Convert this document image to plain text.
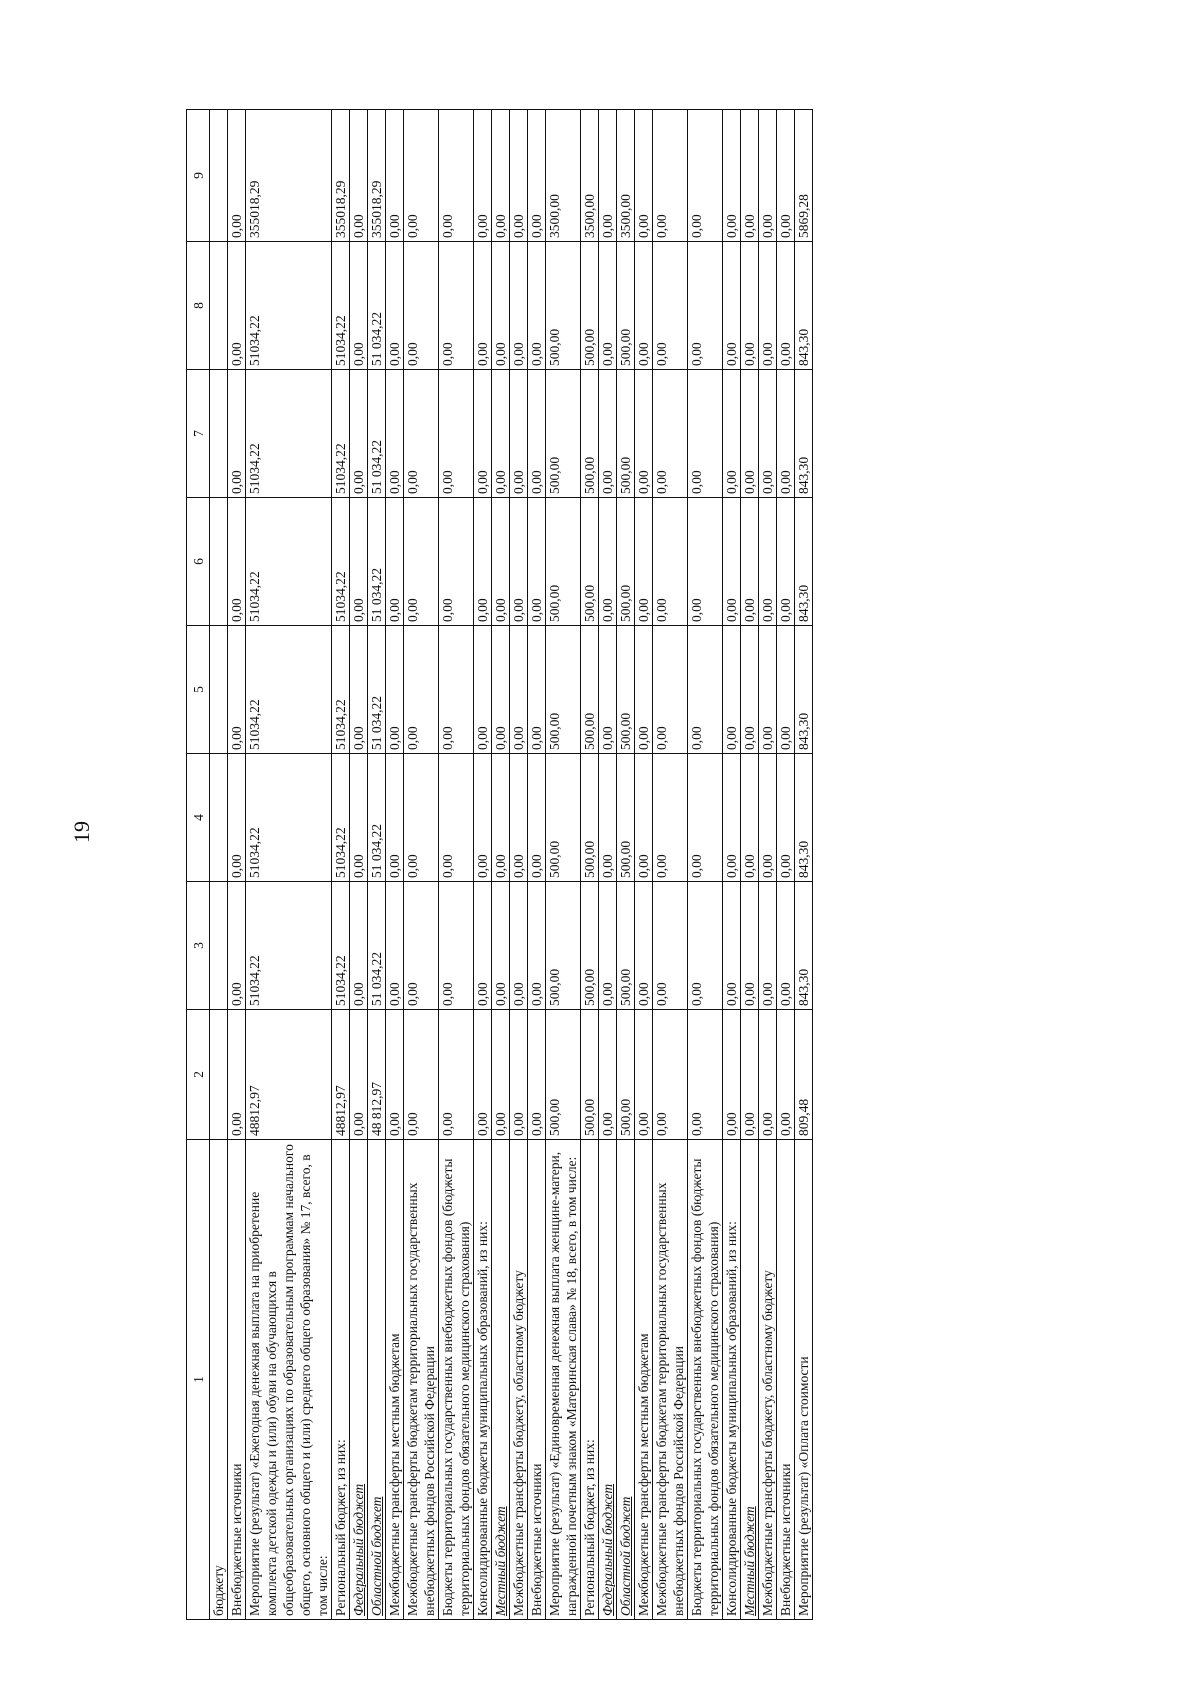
19
1	2	3	4	5	6	7	8	9
бюджету								
Внебюджетные источники	0,00	0,00	0,00	0,00	0,00	0,00	0,00	0,00
Мероприятие (результат) «Ежегодная денежная выплата на приобретение комплекта детской одежды и (или) обуви на обучающихся в общеобразовательных организациях по образовательным программам начального общего, основного общего и (или) среднего общего образования» № 17, всего, в том числе:	48812,97	51034,22	51034,22	51034,22	51034,22	51034,22	51034,22	355018,29
Региональный бюджет, из них:	48812,97	51034,22	51034,22	51034,22	51034,22	51034,22	51034,22	355018,29
Федеральный бюджет	0,00	0,00	0,00	0,00	0,00	0,00	0,00	0,00
Областной бюджет	48 812,97	51 034,22	51 034,22	51 034,22	51 034,22	51 034,22	51 034,22	355018,29
Межбюджетные трансферты местным бюджетам	0,00	0,00	0,00	0,00	0,00	0,00	0,00	0,00
Межбюджетные трансферты бюджетам территориальных государственных внебюджетных фондов Российской Федерации	0,00	0,00	0,00	0,00	0,00	0,00	0,00	0,00
Бюджеты территориальных государственных внебюджетных фондов (бюджеты территориальных фондов обязательного медицинского страхования)	0,00	0,00	0,00	0,00	0,00	0,00	0,00	0,00
Консолидированные бюджеты муниципальных образований, из них:	0,00	0,00	0,00	0,00	0,00	0,00	0,00	0,00
Местный бюджет	0,00	0,00	0,00	0,00	0,00	0,00	0,00	0,00
Межбюджетные трансферты бюджету, областному бюджету	0,00	0,00	0,00	0,00	0,00	0,00	0,00	0,00
Внебюджетные источники	0,00	0,00	0,00	0,00	0,00	0,00	0,00	0,00
Мероприятие (результат) «Единовременная денежная выплата женщине-матери, награжденной почетным знаком «Материнская слава» № 18, всего, в том числе:	500,00	500,00	500,00	500,00	500,00	500,00	500,00	3500,00
Региональный бюджет, из них:	500,00	500,00	500,00	500,00	500,00	500,00	500,00	3500,00
Федеральный бюджет	0,00	0,00	0,00	0,00	0,00	0,00	0,00	0,00
Областной бюджет	500,00	500,00	500,00	500,00	500,00	500,00	500,00	3500,00
Межбюджетные трансферты местным бюджетам	0,00	0,00	0,00	0,00	0,00	0,00	0,00	0,00
Межбюджетные трансферты бюджетам территориальных государственных внебюджетных фондов Российской Федерации	0,00	0,00	0,00	0,00	0,00	0,00	0,00	0,00
Бюджеты территориальных государственных внебюджетных фондов (бюджеты территориальных фондов обязательного медицинского страхования)	0,00	0,00	0,00	0,00	0,00	0,00	0,00	0,00
Консолидированные бюджеты муниципальных образований, из них:	0,00	0,00	0,00	0,00	0,00	0,00	0,00	0,00
Местный бюджет	0,00	0,00	0,00	0,00	0,00	0,00	0,00	0,00
Межбюджетные трансферты бюджету, областному бюджету	0,00	0,00	0,00	0,00	0,00	0,00	0,00	0,00
Внебюджетные источники	0,00	0,00	0,00	0,00	0,00	0,00	0,00	0,00
Мероприятие (результат) «Оплата стоимости	809,48	843,30	843,30	843,30	843,30	843,30	843,30	5869,28
